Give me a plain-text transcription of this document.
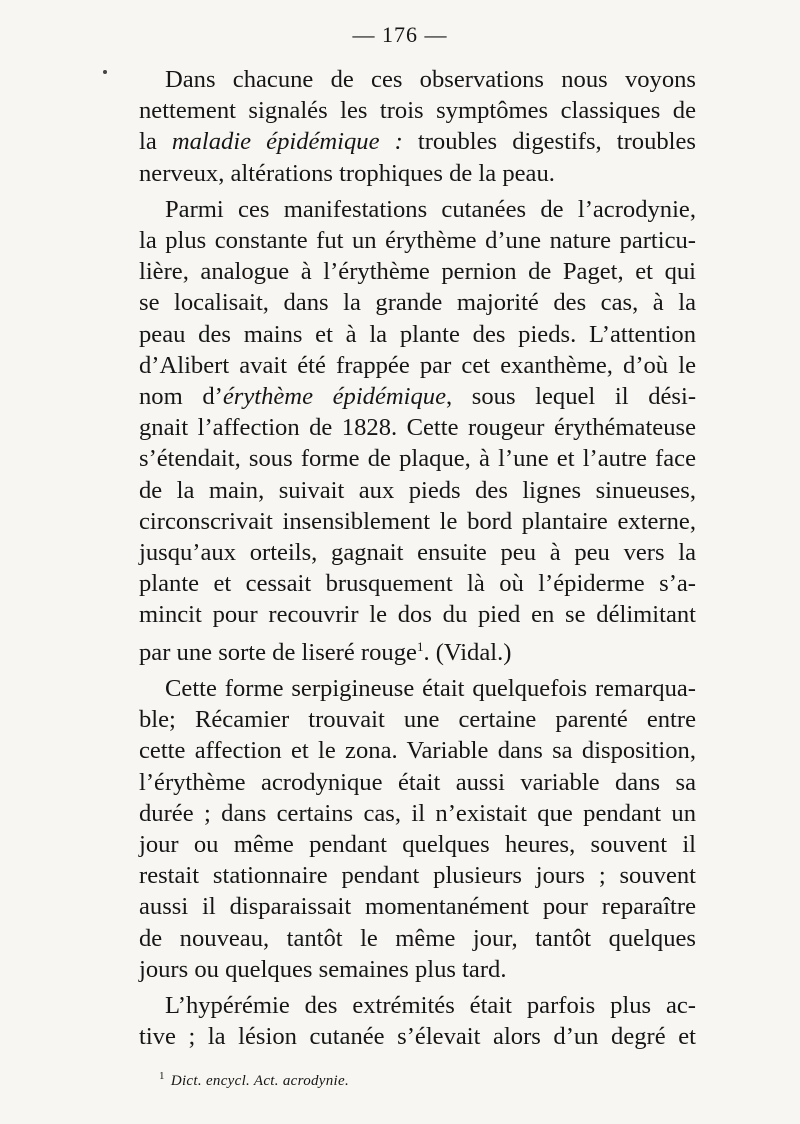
— 176 —
Dans chacune de ces observations nous voyons
nettement signalés les trois symptômes classiques de
la maladie épidémique : troubles digestifs, troubles
nerveux, altérations trophiques de la peau.
Parmi ces manifestations cutanées de l’acrodynie,
la plus constante fut un érythème d’une nature particu-
lière, analogue à l’érythème pernion de Paget, et qui
se localisait, dans la grande majorité des cas, à la
peau des mains et à la plante des pieds. L’attention
d’Alibert avait été frappée par cet exanthème, d’où le
nom d’érythème épidémique, sous lequel il dési-
gnait l’affection de 1828. Cette rougeur érythémateuse
s’étendait, sous forme de plaque, à l’une et l’autre face
de la main, suivait aux pieds des lignes sinueuses,
circonscrivait insensiblement le bord plantaire externe,
jusqu’aux orteils, gagnait ensuite peu à peu vers la
plante et cessait brusquement là où l’épiderme s’a-
mincit pour recouvrir le dos du pied en se délimitant
par une sorte de liseré rouge$^1$. (Vidal.)
Cette forme serpigineuse était quelquefois remarqua-
ble; Récamier trouvait une certaine parenté entre
cette affection et le zona. Variable dans sa disposition,
l’érythème acrodynique était aussi variable dans sa
durée ; dans certains cas, il n’existait que pendant un
jour ou même pendant quelques heures, souvent il
restait stationnaire pendant plusieurs jours ; souvent
aussi il disparaissait momentanément pour reparaître
de nouveau, tantôt le même jour, tantôt quelques
jours ou quelques semaines plus tard.
L’hypérémie des extrémités était parfois plus ac-
tive ; la lésion cutanée s’élevait alors d’un degré et
$^1$ Dict. encycl. Act. acrodynie.
